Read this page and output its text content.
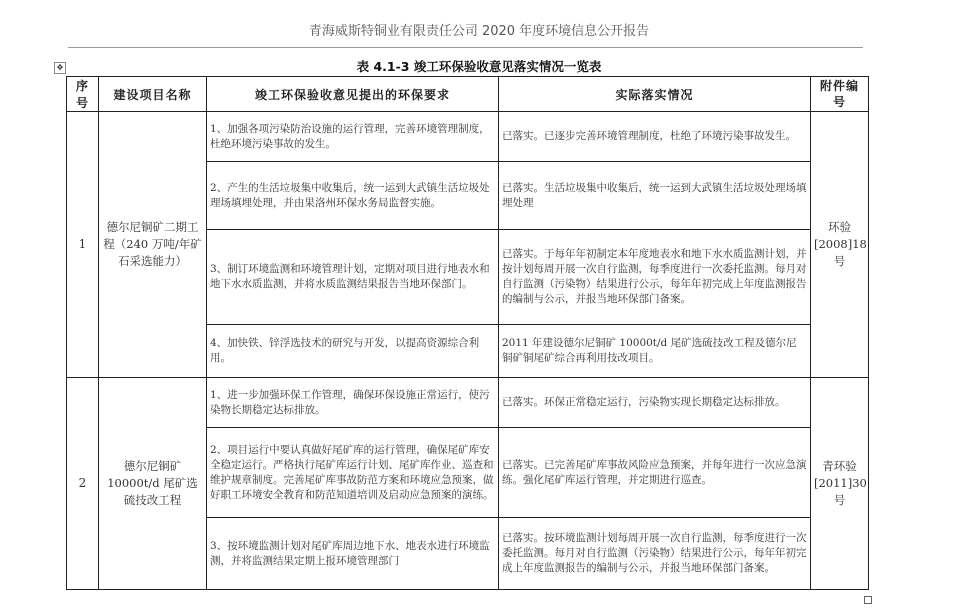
青海威斯特铜业有限责任公司 2020 年度环境信息公开报告
✥	表 4.1-3 竣工环保验收意见落实情况一览表
序号	建设项目名称	竣工环保验收意见提出的环保要求	实际落实情况	附件编号
1	德尔尼铜矿二期工程（240 万吨/年矿石采选能力）	1、加强各项污染防治设施的运行管理，完善环境管理制度，杜绝环境污染事故的发生。	已落实。已逐步完善环境管理制度，杜绝了环境污染事故发生。	环验[2008]18 号
		2、产生的生活垃圾集中收集后，统一运到大武镇生活垃圾处理场填埋处理，并由果洛州环保水务局监督实施。	已落实。生活垃圾集中收集后，统一运到大武镇生活垃圾处理场填埋处理	
		3、制订环境监测和环境管理计划，定期对项目进行地表水和地下水水质监测，并将水质监测结果报告当地环保部门。	已落实。于每年年初制定本年度地表水和地下水水质监测计划，并按计划每周开展一次自行监测，每季度进行一次委托监测。每月对自行监测（污染物）结果进行公示，每年年初完成上年度监测报告的编制与公示，并报当地环保部门备案。	
		4、加快铁、锌浮选技术的研究与开发，以提高资源综合利用。	2011 年建设德尔尼铜矿 10000t/d 尾矿选硫技改工程及德尔尼铜矿铜尾矿综合再利用技改项目。	
2	德尔尼铜矿 10000t/d 尾矿选硫技改工程	1、进一步加强环保工作管理，确保环保设施正常运行，使污染物长期稳定达标排放。	已落实。环保正常稳定运行，污染物实现长期稳定达标排放。	青环验[2011]30 号
		2、项目运行中要认真做好尾矿库的运行管理，确保尾矿库安全稳定运行。严格执行尾矿库运行计划、尾矿库作业、巡查和维护规章制度。完善尾矿库事故防范方案和环境应急预案，做好职工环境安全教育和防范知道培训及启动应急预案的演练。	已落实。已完善尾矿库事故风险应急预案，并每年进行一次应急演练。强化尾矿库运行管理，并定期进行巡查。	
		3、按环境监测计划对尾矿库周边地下水、地表水进行环境监测，并将监测结果定期上报环境管理部门	已落实。按环境监测计划每周开展一次自行监测，每季度进行一次委托监测。每月对自行监测（污染物）结果进行公示，每年年初完成上年度监测报告的编制与公示，并报当地环保部门备案。	
